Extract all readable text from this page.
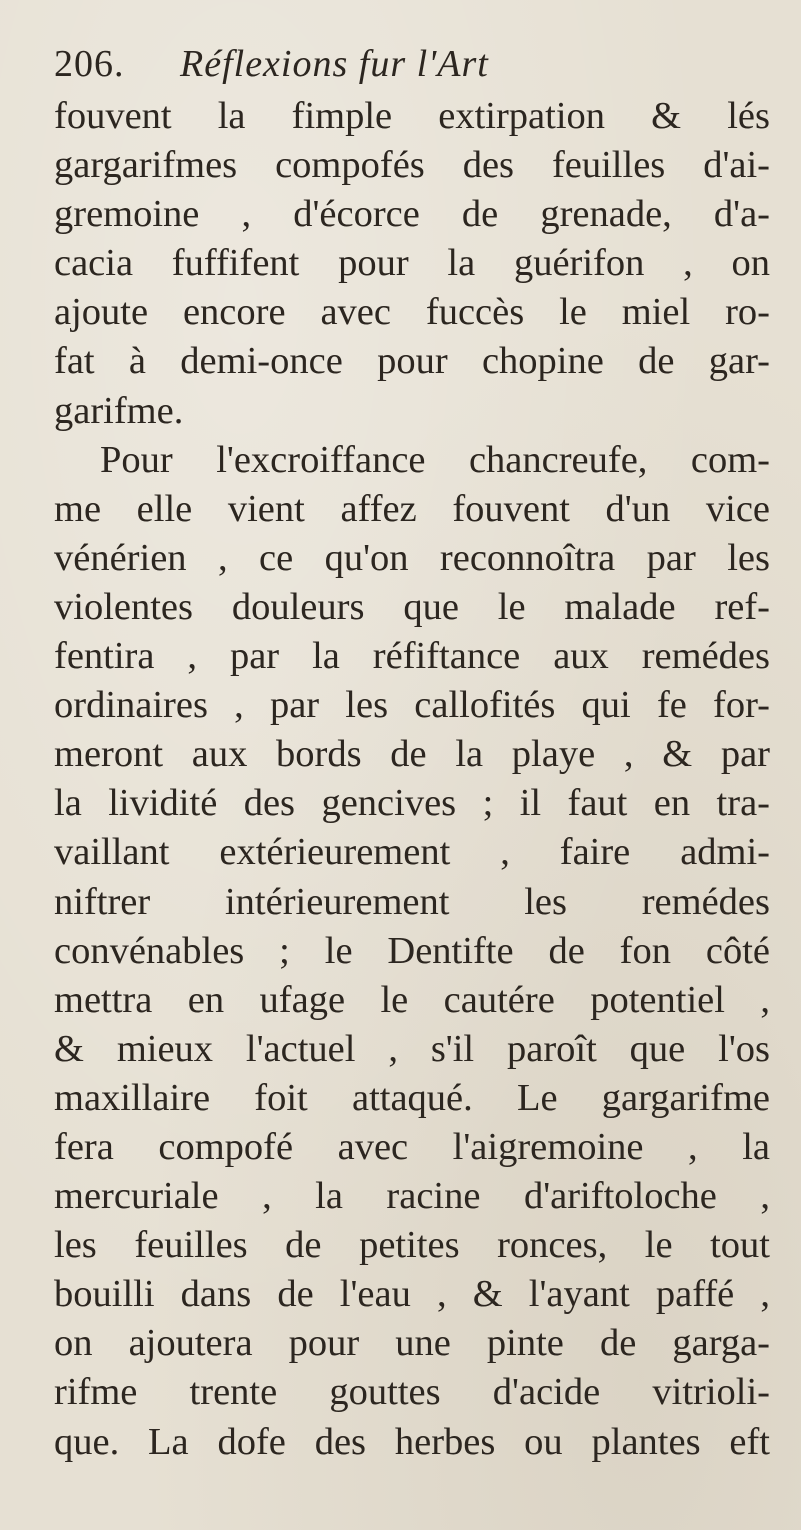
206. Réflexions fur l'Art
fouvent la fimple extirpation & lés
gargarifmes compofés des feuilles d'ai-
gremoine , d'écorce de grenade, d'a-
cacia fuffifent pour la guérifon , on
ajoute encore avec fuccès le miel ro-
fat à demi-once pour chopine de gar-
garifme.
Pour l'excroiffance chancreufe, com-
me elle vient affez fouvent d'un vice
vénérien , ce qu'on reconnoîtra par les
violentes douleurs que le malade ref-
fentira , par la réfiftance aux remédes
ordinaires , par les callofités qui fe for-
meront aux bords de la playe , & par
la lividité des gencives ; il faut en tra-
vaillant extérieurement , faire admi-
niftrer intérieurement les remédes
convénables ; le Dentifte de fon côté
mettra en ufage le cautére potentiel ,
& mieux l'actuel , s'il paroît que l'os
maxillaire foit attaqué. Le gargarifme
fera compofé avec l'aigremoine , la
mercuriale , la racine d'ariftoloche ,
les feuilles de petites ronces, le tout
bouilli dans de l'eau , & l'ayant paffé ,
on ajoutera pour une pinte de garga-
rifme trente gouttes d'acide vitrioli-
que. La dofe des herbes ou plantes eft
